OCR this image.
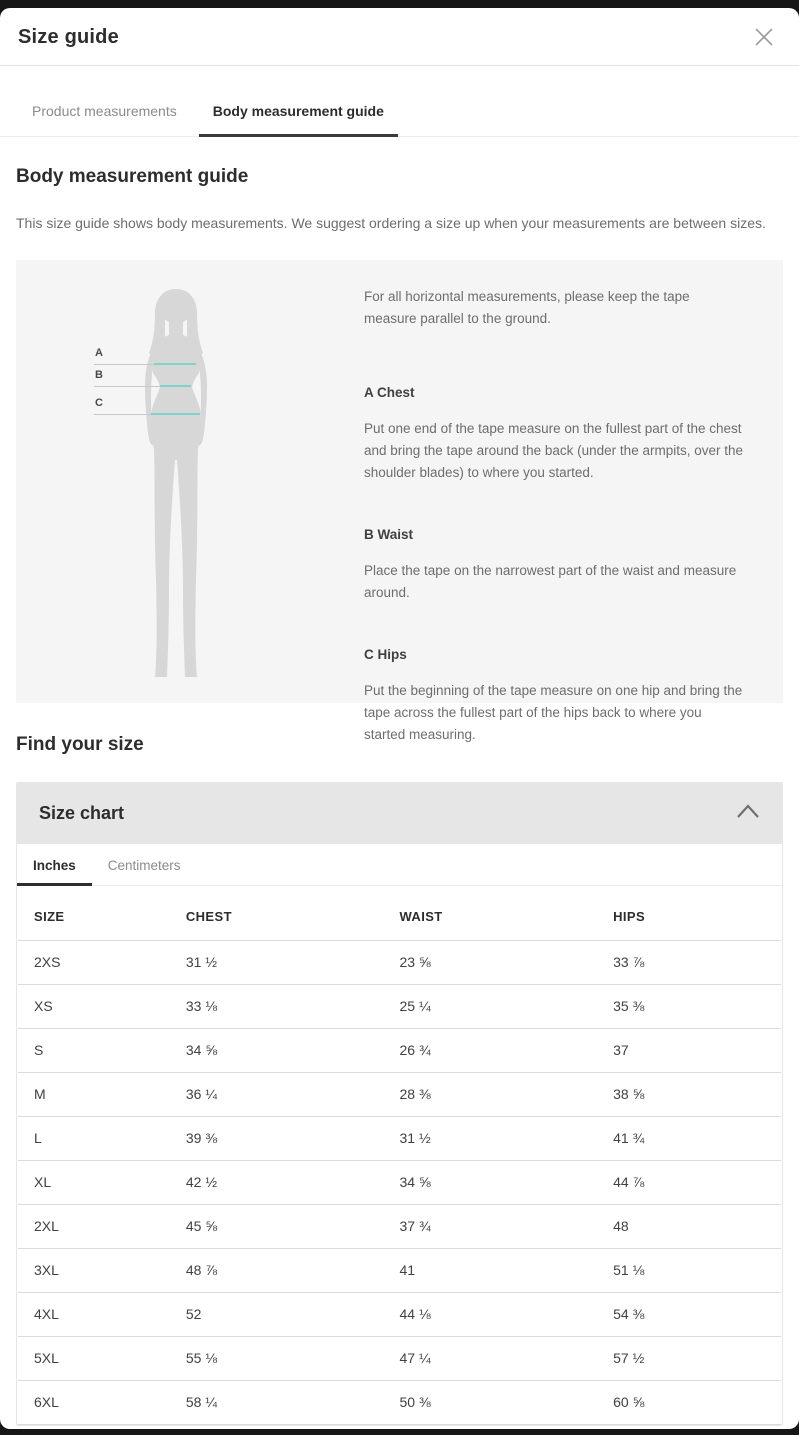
Size guide
Product measurements	Body measurement guide
Body measurement guide

This size guide shows body measurements. We suggest ordering a size up when your measurements are between sizes.

A
B
C

For all horizontal measurements, please keep the tape measure parallel to the ground.

A Chest

Put one end of the tape measure on the fullest part of the chest and bring the tape around the back (under the armpits, over the shoulder blades) to where you started.

B Waist

Place the tape on the narrowest part of the waist and measure around.

C Hips

Put the beginning of the tape measure on one hip and bring the tape across the fullest part of the hips back to where you started measuring.

Find your size
Size chart
Inches	Centimeters
SIZE	CHEST	WAIST	HIPS
2XS	31 ½	23 ⅝	33 ⅞
XS	33 ⅛	25 ¼	35 ⅜
S	34 ⅝	26 ¾	37
M	36 ¼	28 ⅜	38 ⅝
L	39 ⅜	31 ½	41 ¾
XL	42 ½	34 ⅝	44 ⅞
2XL	45 ⅝	37 ¾	48
3XL	48 ⅞	41	51 ⅛
4XL	52	44 ⅛	54 ⅜
5XL	55 ⅛	47 ¼	57 ½
6XL	58 ¼	50 ⅜	60 ⅝
